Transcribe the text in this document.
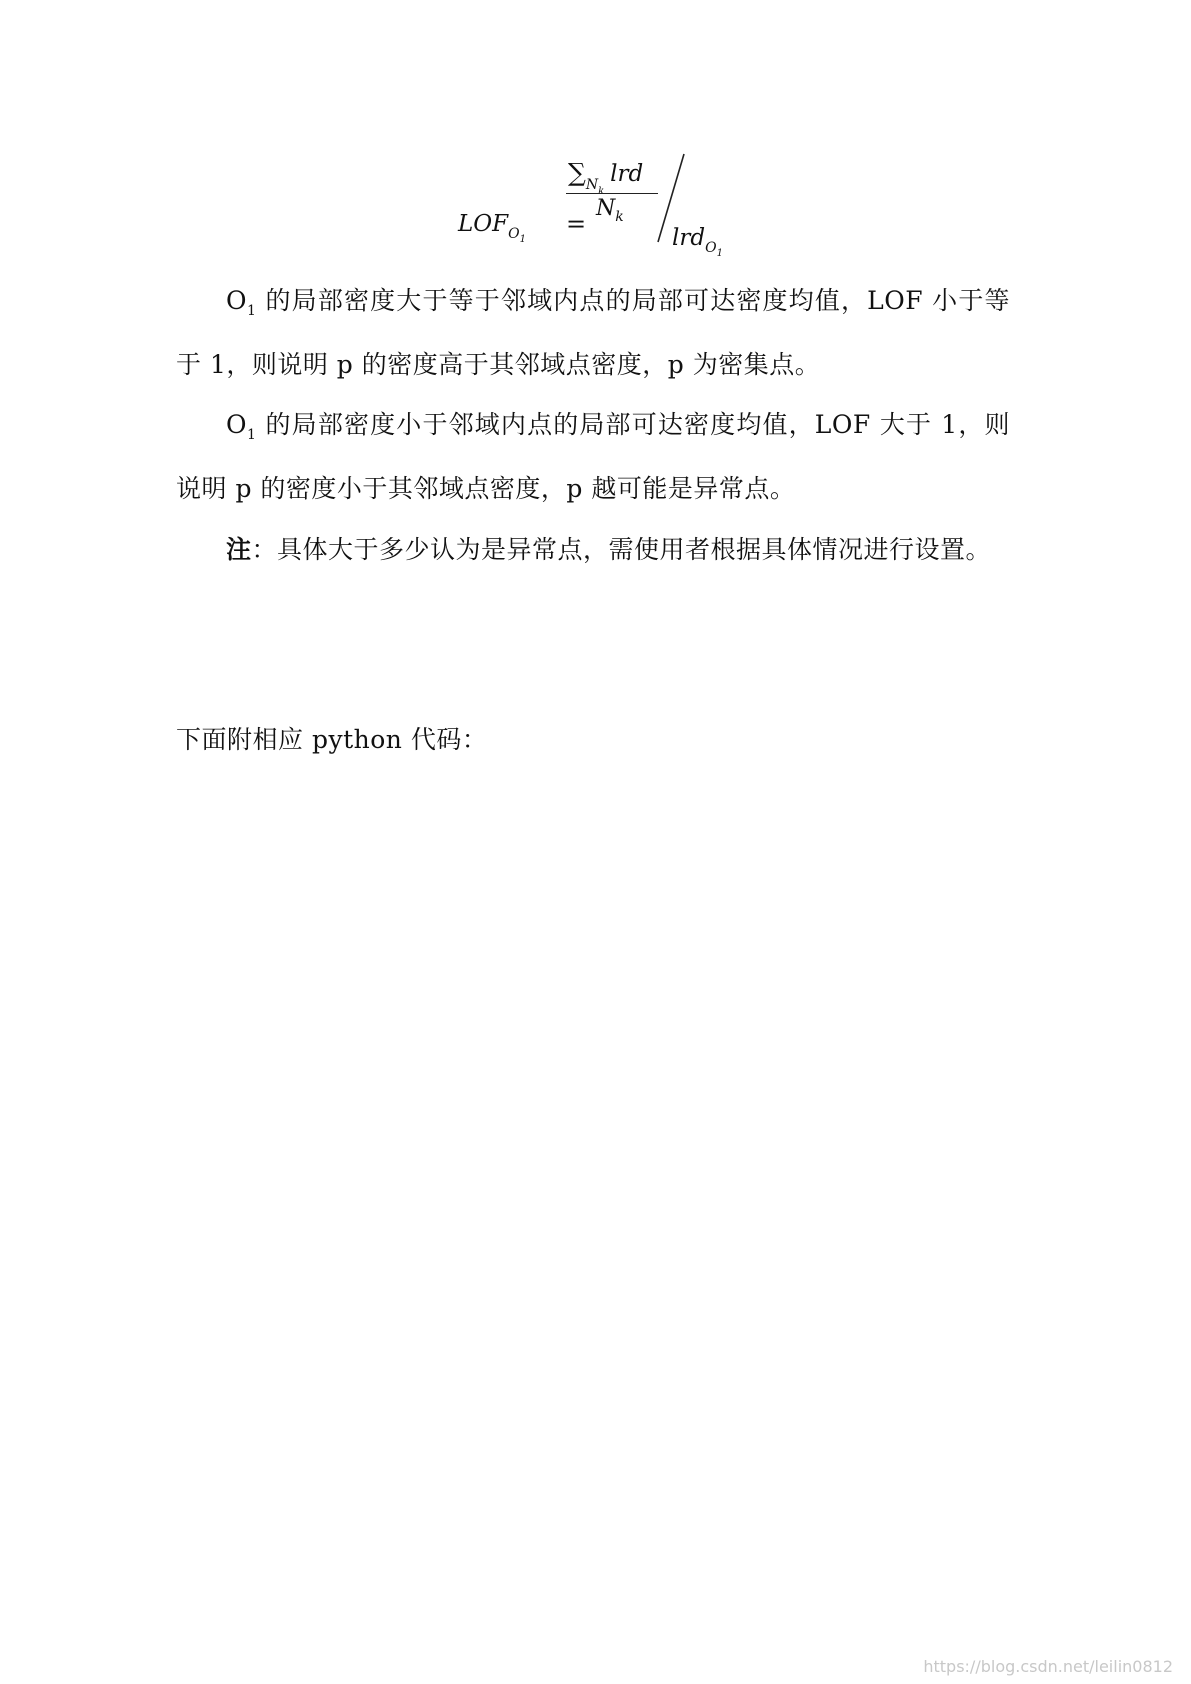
$LOF_{O_1}$
=
$\sum_{N_k}lrd$
$N_k$
lrd$_{O_1}$
$O_1$ 的局部密度大于等于邻域内点的局部可达密度均值，LOF 小于等于 1，则说明 p 的密度高于其邻域点密度，p 为密集点。
$O_1$ 的局部密度小于邻域内点的局部可达密度均值，LOF 大于 1，则说明 p 的密度小于其邻域点密度，p 越可能是异常点。
注：具体大于多少认为是异常点，需使用者根据具体情况进行设置。
下面附相应 python 代码：
https://blog.csdn.net/leilin0812
